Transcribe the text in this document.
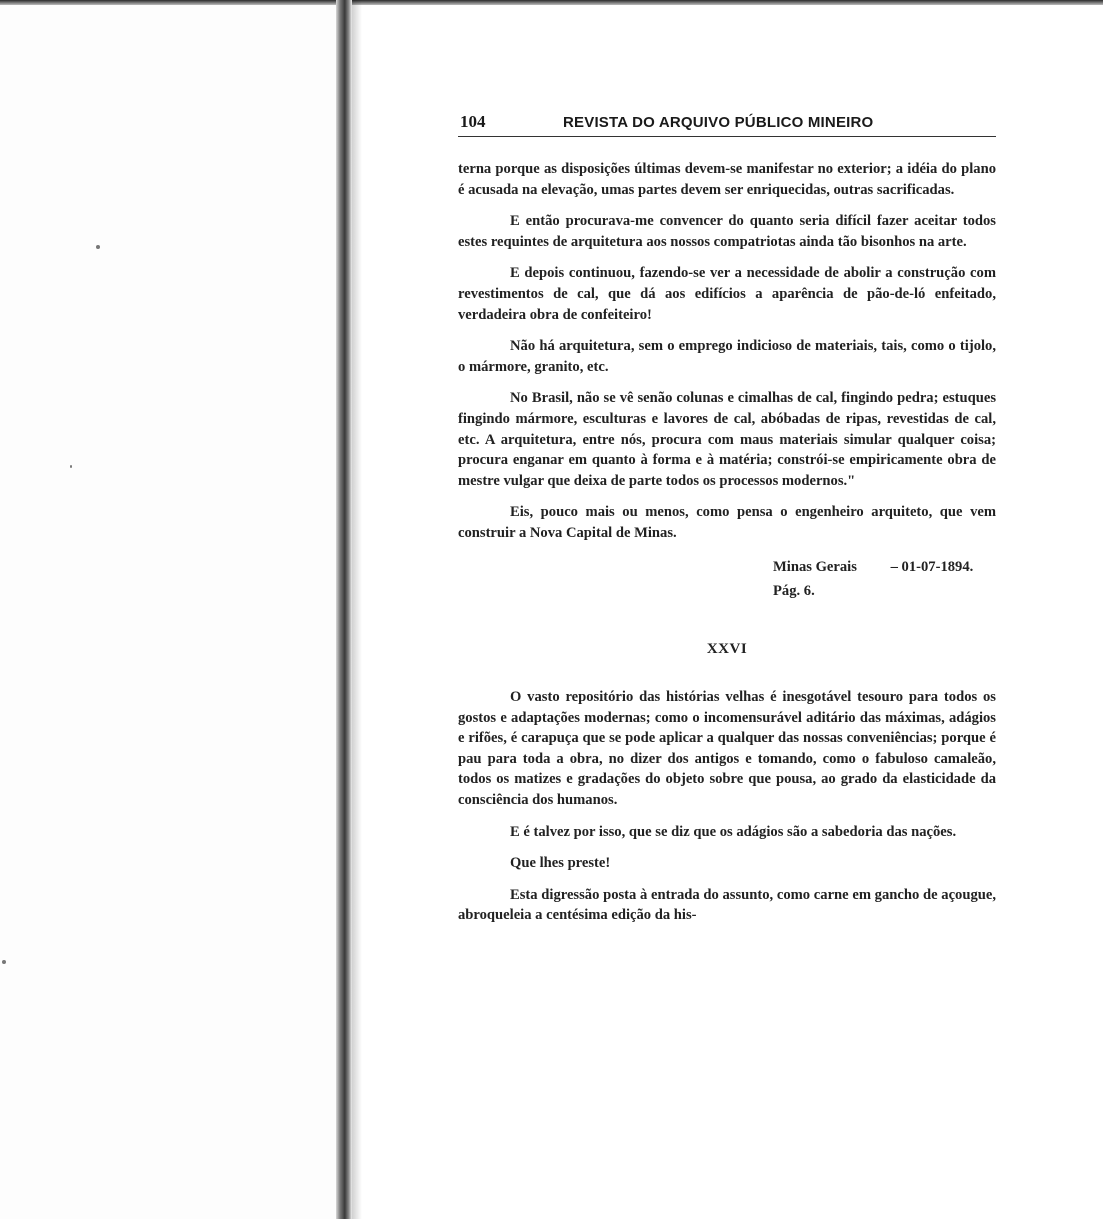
104	REVISTA DO ARQUIVO PÚBLICO MINEIRO

terna porque as disposições últimas devem-se manifestar no exterior; a idéia do plano é acusada na elevação, umas partes devem ser enriquecidas, outras sacrificadas.

E então procurava-me convencer do quanto seria difícil fazer aceitar todos estes requintes de arquitetura aos nossos compatriotas ainda tão bisonhos na arte.

E depois continuou, fazendo-se ver a necessidade de abolir a construção com revestimentos de cal, que dá aos edifícios a aparência de pão-de-ló enfeitado, verdadeira obra de confeiteiro!

Não há arquitetura, sem o emprego indicioso de materiais, tais, como o tijolo, o mármore, granito, etc.

No Brasil, não se vê senão colunas e cimalhas de cal, fingindo pedra; estuques fingindo mármore, esculturas e lavores de cal, abóbadas de ripas, revestidas de cal, etc. A arquitetura, entre nós, procura com maus materiais simular qualquer coisa; procura enganar em quanto à forma e à matéria; constrói-se empiricamente obra de mestre vulgar que deixa de parte todos os processos modernos."

Eis, pouco mais ou menos, como pensa o engenheiro arquiteto, que vem construir a Nova Capital de Minas.

Minas Gerais – 01-07-1894.
Pág. 6.
XXVI

O vasto repositório das histórias velhas é inesgotável tesouro para todos os gostos e adaptações modernas; como o incomensurável aditário das máximas, adágios e rifões, é carapuça que se pode aplicar a qualquer das nossas conveniências; porque é pau para toda a obra, no dizer dos antigos e tomando, como o fabuloso camaleão, todos os matizes e gradações do objeto sobre que pousa, ao grado da elasticidade da consciência dos humanos.

E é talvez por isso, que se diz que os adágios são a sabedoria das nações.

Que lhes preste!

Esta digressão posta à entrada do assunto, como carne em gancho de açougue, abroqueleia a centésima edição da his-
